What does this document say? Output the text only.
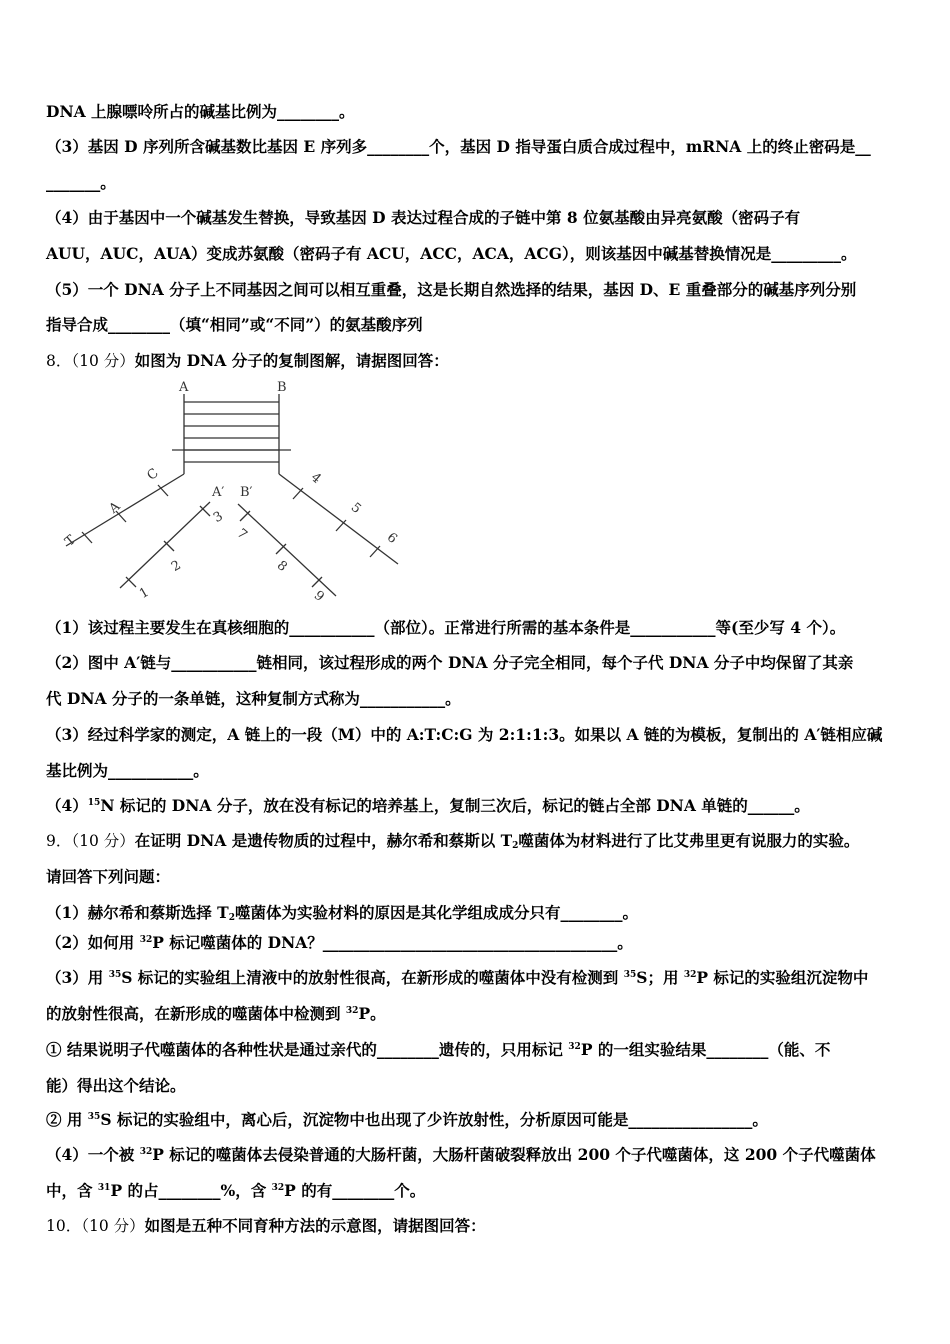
DNA 上腺嘌呤所占的碱基比例为________。
（3）基因 D 序列所含碱基数比基因 E 序列多________个，基因 D 指导蛋白质合成过程中，mRNA 上的终止密码是__
_______。
（4）由于基因中一个碱基发生替换，导致基因 D 表达过程合成的子链中第 8 位氨基酸由异亮氨酸（密码子有
AUU，AUC，AUA）变成苏氨酸（密码子有 ACU，ACC，ACA，ACG），则该基因中碱基替换情况是_________。
（5）一个 DNA 分子上不同基因之间可以相互重叠，这是长期自然选择的结果，基因 D、E 重叠部分的碱基序列分别
指导合成________（填“相同”或“不同”）的氨基酸序列
8．（10 分）如图为 DNA 分子的复制图解，请据图回答：
A	B
A′ B′
C
A
T
3
2
1
7
8
9
4
5
6
（1）该过程主要发生在真核细胞的___________（部位）。正常进行所需的基本条件是___________等(至少写 4 个）。
（2）图中 A′链与___________链相同，该过程形成的两个 DNA 分子完全相同，每个子代 DNA 分子中均保留了其亲
代 DNA 分子的一条单链，这种复制方式称为___________。
（3）经过科学家的测定，A 链上的一段（M）中的 A:T:C:G 为 2:1:1:3。如果以 A 链的为模板，复制出的 A′链相应碱
基比例为___________。
$(4)^{15}N$ 标记的 DNA 分子，放在没有标记的培养基上，复制三次后，标记的链占全部 DNA 单链的______。
9．（10 分）在证明 DNA 是遗传物质的过程中，赫尔希和蔡斯以 $T_2$噬菌体为材料进行了比艾弗里更有说服力的实验。
请回答下列问题：
（1）赫尔希和蔡斯选择 $T_2$噬菌体为实验材料的原因是其化学组成成分只有________。
（2）如何用 $^{32}$P 标记噬菌体的 DNA？______________________________________。
（3）用 $^{35}$S 标记的实验组上清液中的放射性很高，在新形成的噬菌体中没有检测到 $^{35}$S；用 $^{32}$P 标记的实验组沉淀物中
的放射性很高，在新形成的噬菌体中检测到 $^{32}$P。
① 结果说明子代噬菌体的各种性状是通过亲代的________遗传的，只用标记 $^{32}$P 的一组实验结果________（能、不
能）得出这个结论。
② 用 $^{35}$S 标记的实验组中，离心后，沉淀物中也出现了少许放射性，分析原因可能是________________。
（4）一个被 $^{32}$P 标记的噬菌体去侵染普通的大肠杆菌，大肠杆菌破裂释放出 200 个子代噬菌体，这 200 个子代噬菌体
中，含 $^{31}$P 的占________%，含 $^{32}$P 的有________个。
10．（10 分）如图是五种不同育种方法的示意图，请据图回答：
